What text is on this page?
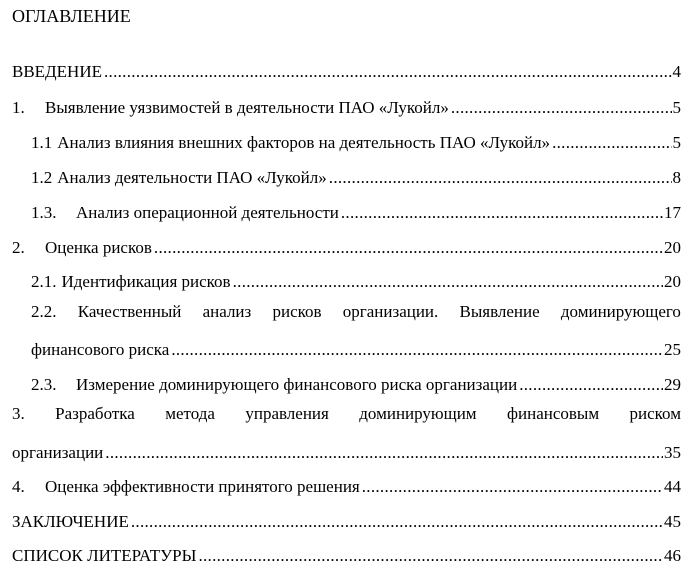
ОГЛАВЛЕНИЕ
ВВЕДЕНИЕ .....	4
1. Выявление уязвимостей в деятельности ПАО «Лукойл» .....	5
1.1 Анализ влияния внешних факторов на деятельность ПАО «Лукойл» .....	5
1.2 Анализ деятельности ПАО «Лукойл» .....	8
1.3. Анализ операционной деятельности .....	17
2. Оценка рисков .....	20
2.1. Идентификация рисков .....	20
2.2. Качественный анализ рисков организации. Выявление доминирующего
финансового риска .....	25
2.3. Измерение доминирующего финансового риска организации .....	29
3. Разработка метода управления доминирующим финансовым риском
организации .....	35
4. Оценка эффективности принятого решения .....	44
ЗАКЛЮЧЕНИЕ .....	45
СПИСОК ЛИТЕРАТУРЫ .....	46
